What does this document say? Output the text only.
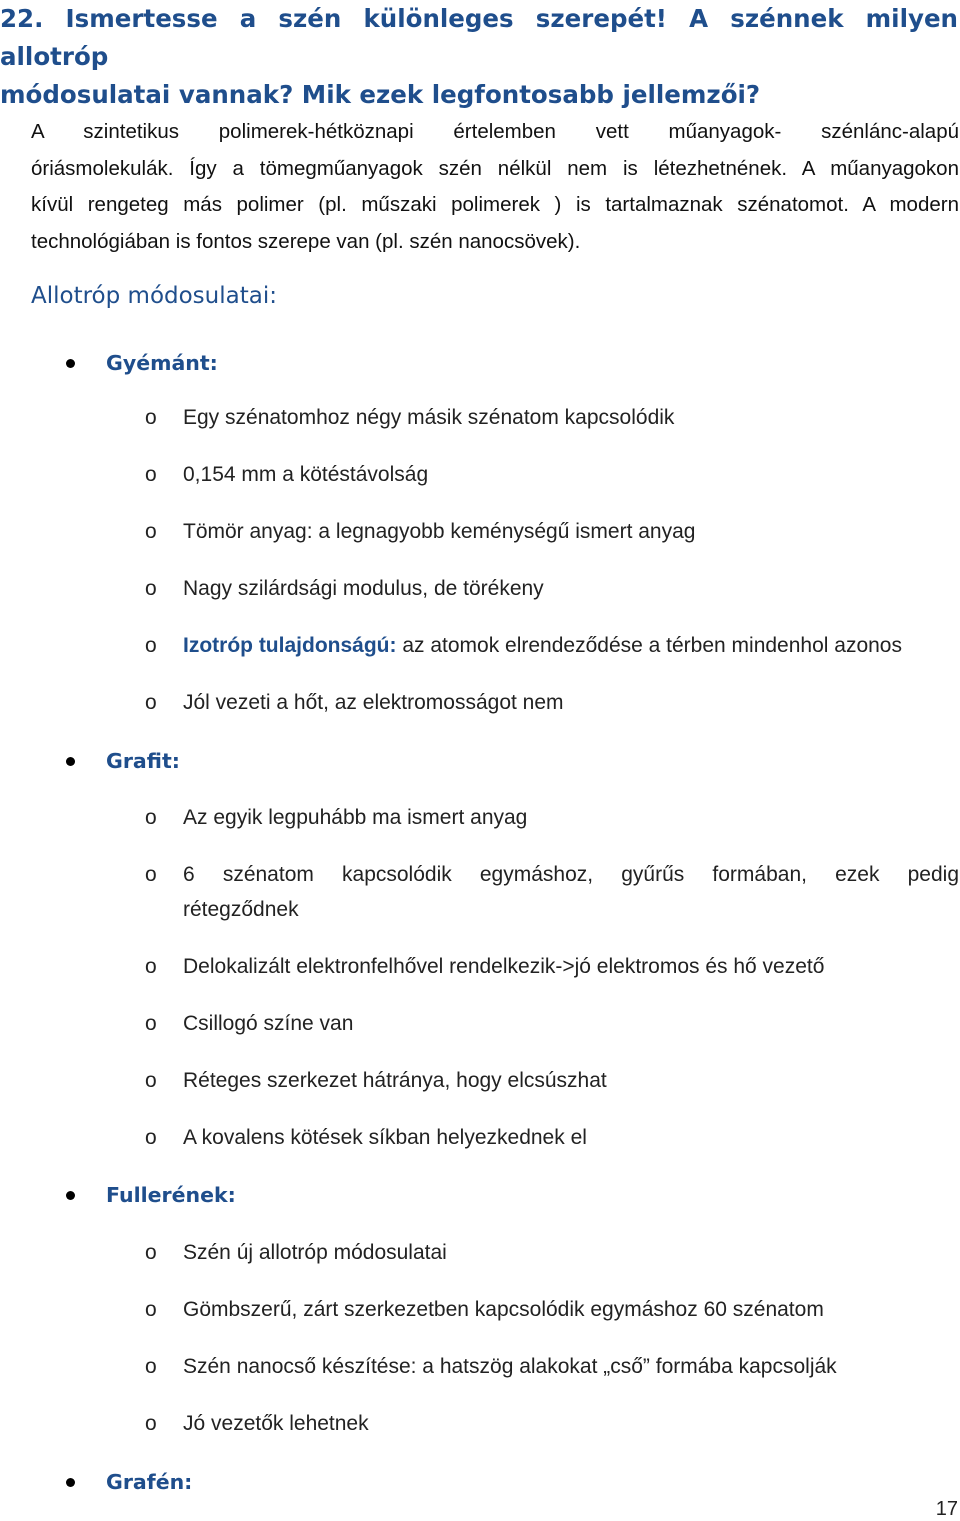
22. Ismertesse a szén különleges szerepét! A szénnek milyen allotróp

módosulatai vannak? Mik ezek legfontosabb jellemzői?
A szintetikus polimerek-hétköznapi értelemben vett műanyagok- szénlánc-alapú
óriásmolekulák. Így a tömegműanyagok szén nélkül nem is létezhetnének. A műanyagokon
kívül rengeteg más polimer (pl. műszaki polimerek ) is tartalmaznak szénatomot. A modern
technológiában is fontos szerepe van (pl. szén nanocsövek).
Allotróp módosulatai:
Gyémánt:
o Egy szénatomhoz négy másik szénatom kapcsolódik
o 0,154 mm a kötéstávolság
o Tömör anyag: a legnagyobb keménységű ismert anyag
o Nagy szilárdsági modulus, de törékeny
o Izotróp tulajdonságú: az atomok elrendeződése a térben mindenhol azonos
o Jól vezeti a hőt, az elektromosságot nem
Grafit:
o Az egyik legpuhább ma ismert anyag
o 6 szénatom kapcsolódik egymáshoz, gyűrűs formában, ezek pedig
rétegződnek
o Delokalizált elektronfelhővel rendelkezik->jó elektromos és hő vezető
o Csillogó színe van
o Réteges szerkezet hátránya, hogy elcsúszhat
o A kovalens kötések síkban helyezkednek el
Fullerének:
o Szén új allotróp módosulatai
o Gömbszerű, zárt szerkezetben kapcsolódik egymáshoz 60 szénatom
o Szén nanocső készítése: a hatszög alakokat „cső” formába kapcsolják
o Jó vezetők lehetnek
Grafén:
17
